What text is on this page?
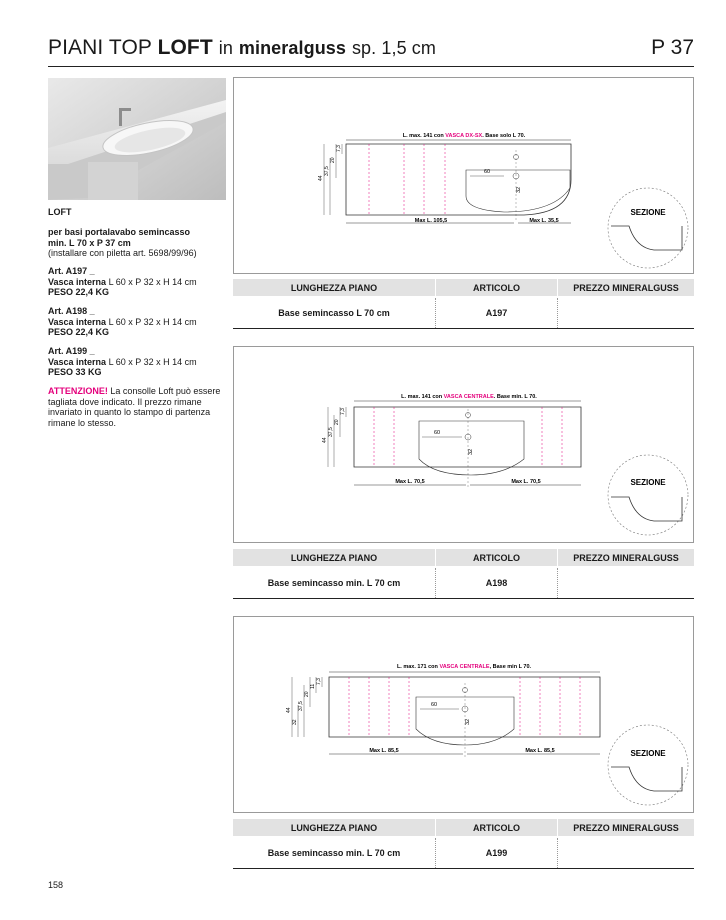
PIANI TOP LOFT in mineralguss sp. 1,5 cm	P 37
LOFT
per basi portalavabo semincasso
min. L 70 x P 37 cm
(installare con piletta art. 5698/99/96)
Art. A197 _
Vasca interna L 60 x P 32 x H 14 cm
PESO 22,4 KG
Art. A198 _
Vasca interna L 60 x P 32 x H 14 cm
PESO 22,4 KG
Art. A199 _
Vasca interna L 60 x P 32 x H 14 cm
PESO 33 KG
ATTENZIONE! La consolle Loft può essere tagliata dove indicato. Il prezzo rimane invariato in quanto lo stampo di partenza rimane lo stesso.
L. max. 141 con VASCA DX-SX. Base solo L 70.
60
32
Max L. 105,5	Max L. 35,5
44
37,5
20
7,3
SEZIONE
LUNGHEZZA PIANO	ARTICOLO	PREZZO MINERALGUSS
Base semincasso L 70 cm	A197
L. max. 141 con VASCA CENTRALE. Base min. L 70.
60
32
Max L. 70,5	Max L. 70,5
44
37,5
20
7,3
SEZIONE
LUNGHEZZA PIANO	ARTICOLO	PREZZO MINERALGUSS
Base semincasso min. L 70 cm	A198
L. max. 171 con VASCA CENTRALE, Base min L 70.
60
32
Max L. 85,5	Max L. 85,5
44
32
37,5
20
11
7,3
SEZIONE
LUNGHEZZA PIANO	ARTICOLO	PREZZO MINERALGUSS
Base semincasso min. L 70 cm	A199
158
